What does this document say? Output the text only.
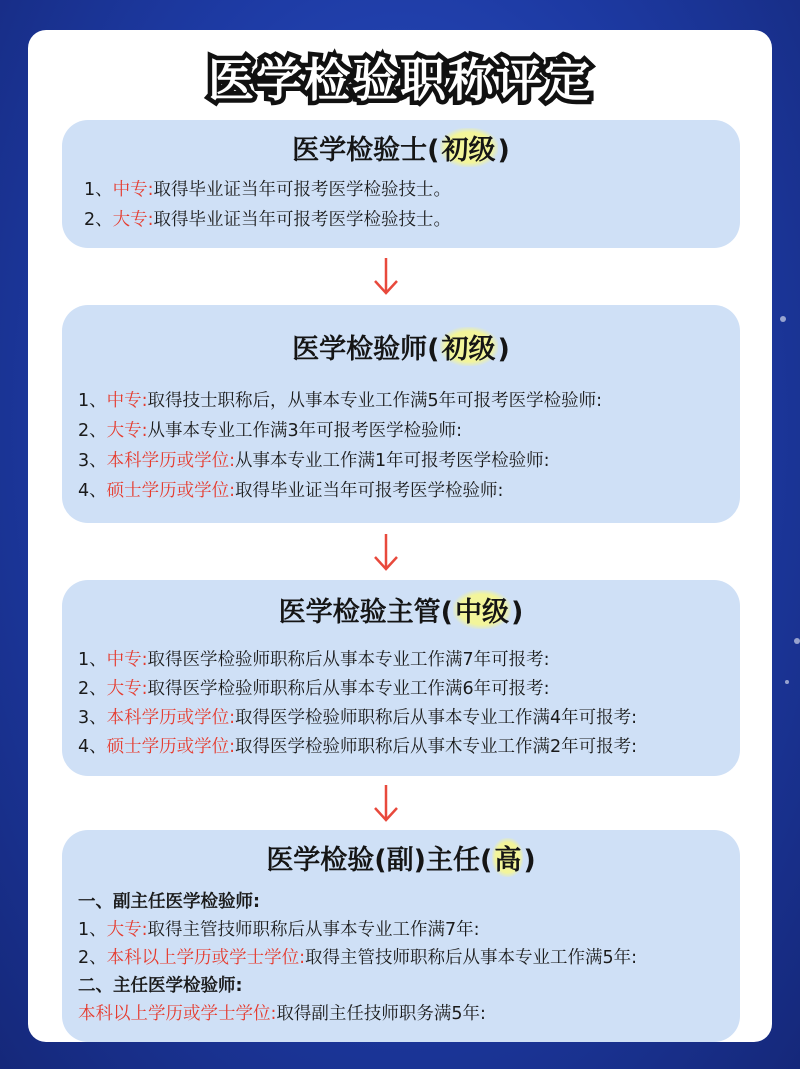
医学检验职称评定
医学检验士(初级)
1、中专:取得毕业证当年可报考医学检验技士。
2、大专:取得毕业证当年可报考医学检验技士。
医学检验师(初级)
1、中专:取得技士职称后，从事本专业工作满5年可报考医学检验师:
2、大专:从事本专业工作满3年可报考医学检验师:
3、本科学历或学位:从事本专业工作满1年可报考医学检验师:
4、硕士学历或学位:取得毕业证当年可报考医学检验师:
医学检验主管(中级)
1、中专:取得医学检验师职称后从事本专业工作满7年可报考:
2、大专:取得医学检验师职称后从事本专业工作满6年可报考:
3、本科学历或学位:取得医学检验师职称后从事本专业工作满4年可报考:
4、硕士学历或学位:取得医学检验师职称后从事木专业工作满2年可报考:
医学检验(副)主任(高)
一、副主任医学检验师:
1、大专:取得主管技师职称后从事本专业工作满7年:
2、本科以上学历或学士学位:取得主管技师职称后从事本专业工作满5年:
二、主任医学检验师:
本科以上学历或学士学位:取得副主任技师职务满5年:
